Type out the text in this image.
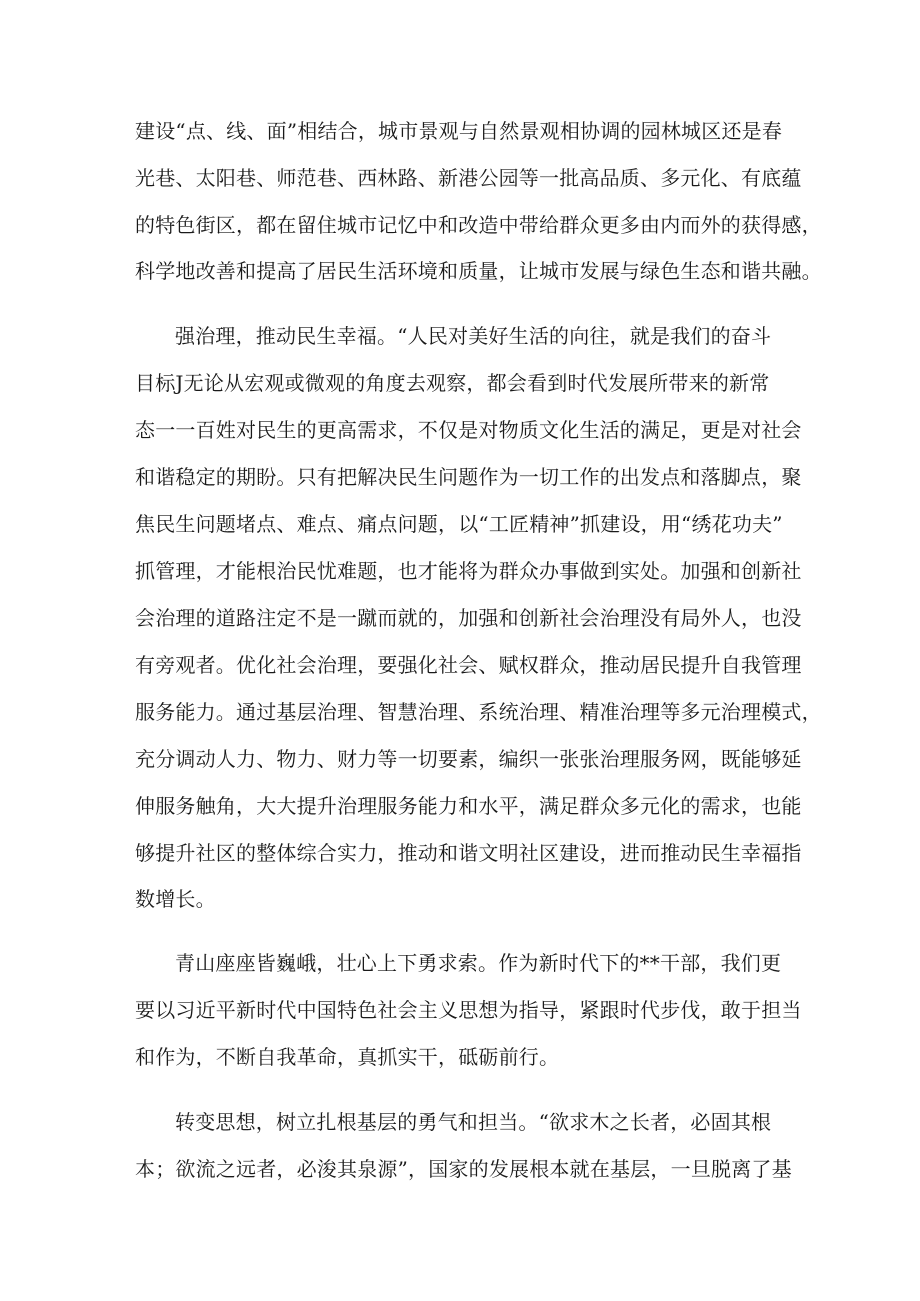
建设“点、线、面”相结合，城市景观与自然景观相协调的园林城区还是春
光巷、太阳巷、师范巷、西林路、新港公园等一批高品质、多元化、有底蕴
的特色街区，都在留住城市记忆中和改造中带给群众更多由内而外的获得感，
科学地改善和提高了居民生活环境和质量，让城市发展与绿色生态和谐共融。
强治理，推动民生幸福。“人民对美好生活的向往，就是我们的奋斗
目标J无论从宏观或微观的角度去观察，都会看到时代发展所带来的新常
态一一百姓对民生的更高需求，不仅是对物质文化生活的满足，更是对社会
和谐稳定的期盼。只有把解决民生问题作为一切工作的出发点和落脚点，聚
焦民生问题堵点、难点、痛点问题，以“工匠精神”抓建设，用“绣花功夫”
抓管理，才能根治民忧难题，也才能将为群众办事做到实处。加强和创新社
会治理的道路注定不是一蹴而就的，加强和创新社会治理没有局外人，也没
有旁观者。优化社会治理，要强化社会、赋权群众，推动居民提升自我管理
服务能力。通过基层治理、智慧治理、系统治理、精准治理等多元治理模式，
充分调动人力、物力、财力等一切要素，编织一张张治理服务网，既能够延
伸服务触角，大大提升治理服务能力和水平，满足群众多元化的需求，也能
够提升社区的整体综合实力，推动和谐文明社区建设，进而推动民生幸福指
数增长。
青山座座皆巍峨，壮心上下勇求索。作为新时代下的**干部，我们更
要以习近平新时代中国特色社会主义思想为指导，紧跟时代步伐，敢于担当
和作为，不断自我革命，真抓实干，砥砺前行。
转变思想，树立扎根基层的勇气和担当。“欲求木之长者，必固其根
本；欲流之远者，必浚其泉源”，国家的发展根本就在基层，一旦脱离了基
